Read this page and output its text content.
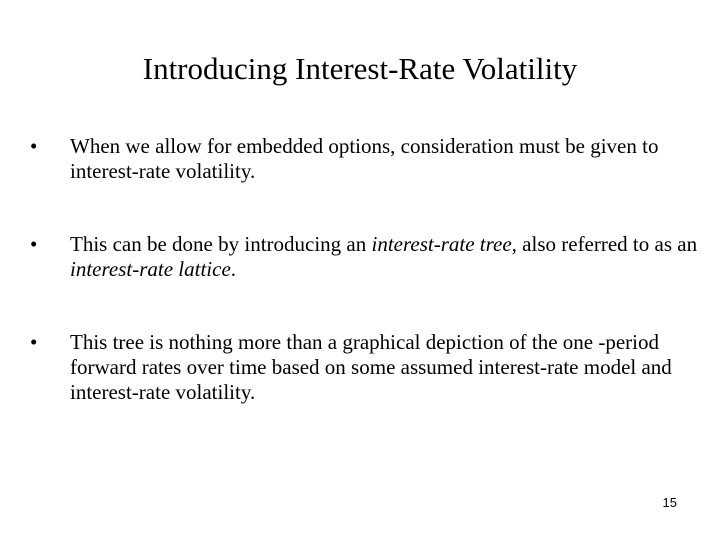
Introducing Interest-Rate Volatility
•	When we allow for embedded options, consideration must be given to interest-rate volatility.
•	This can be done by introducing an interest-rate tree, also referred to as an interest-rate lattice.
•	This tree is nothing more than a graphical depiction of the one -period forward rates over time based on some assumed interest-rate model and interest-rate volatility.
15
